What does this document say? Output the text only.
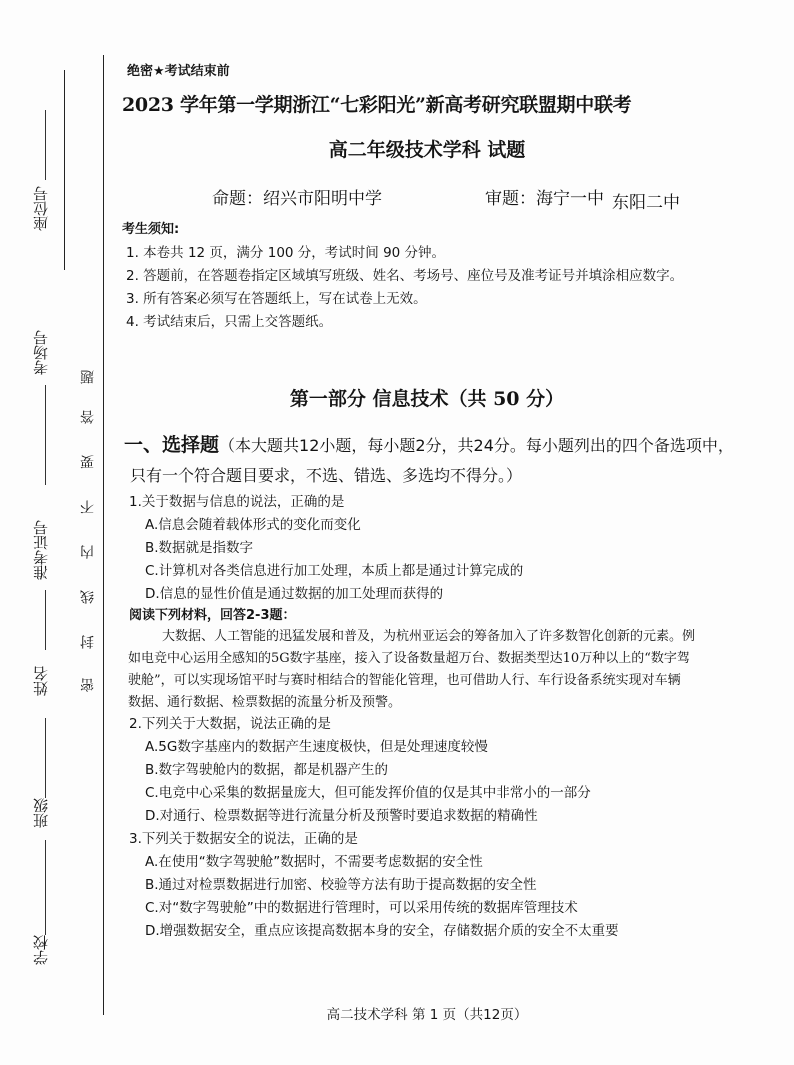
座位号
考场号
准考证号
姓名
班级
学校
题
答
要
不
内
线
封
密
绝密★考试结束前
2023 学年第一学期浙江“七彩阳光”新高考研究联盟期中联考
高二年级技术学科 试题
命题：绍兴市阳明中学	审题：海宁一中 东阳二中
考生须知:
1. 本卷共 12 页，满分 100 分，考试时间 90 分钟。
2. 答题前，在答题卷指定区域填写班级、姓名、考场号、座位号及准考证号并填涂相应数字。
3. 所有答案必须写在答题纸上，写在试卷上无效。
4. 考试结束后，只需上交答题纸。
第一部分 信息技术（共 50 分）
一、选择题（本大题共12小题，每小题2分，共24分。每小题列出的四个备选项中，
只有一个符合题目要求，不选、错选、多选均不得分。）
1.关于数据与信息的说法，正确的是
A.信息会随着载体形式的变化而变化
B.数据就是指数字
C.计算机对各类信息进行加工处理，本质上都是通过计算完成的
D.信息的显性价值是通过数据的加工处理而获得的
阅读下列材料，回答2-3题：
大数据、人工智能的迅猛发展和普及，为杭州亚运会的筹备加入了许多数智化创新的元素。例
如电竞中心运用全感知的5G数字基座，接入了设备数量超万台、数据类型达10万种以上的“数字驾
驶舱”，可以实现场馆平时与赛时相结合的智能化管理，也可借助人行、车行设备系统实现对车辆
数据、通行数据、检票数据的流量分析及预警。
2.下列关于大数据，说法正确的是
A.5G数字基座内的数据产生速度极快，但是处理速度较慢
B.数字驾驶舱内的数据，都是机器产生的
C.电竞中心采集的数据量庞大，但可能发挥价值的仅是其中非常小的一部分
D.对通行、检票数据等进行流量分析及预警时要追求数据的精确性
3.下列关于数据安全的说法，正确的是
A.在使用“数字驾驶舱”数据时，不需要考虑数据的安全性
B.通过对检票数据进行加密、校验等方法有助于提高数据的安全性
C.对“数字驾驶舱”中的数据进行管理时，可以采用传统的数据库管理技术
D.增强数据安全，重点应该提高数据本身的安全，存储数据介质的安全不太重要
高二技术学科 第 1 页（共12页）
